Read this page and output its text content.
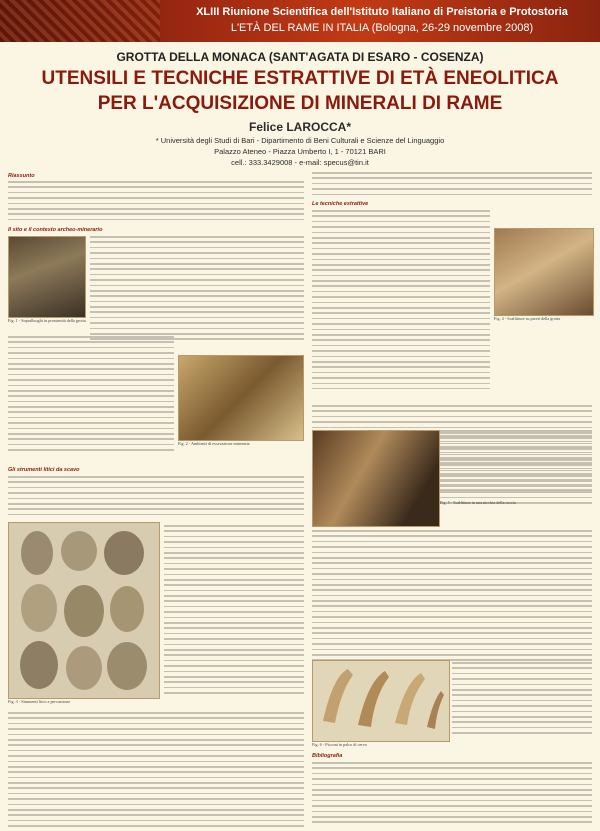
XLIII Riunione Scientifica dell'Istituto Italiano di Preistoria e Protostoria
L'ETÀ DEL RAME IN ITALIA (Bologna, 26-29 novembre 2008)
GROTTA DELLA MONACA (SANT'AGATA DI ESARO - COSENZA)
UTENSILI E TECNICHE ESTRATTIVE DI ETÀ ENEOLITICA
PER L'ACQUISIZIONE DI MINERALI DI RAME
Felice LAROCCA*
* Università degli Studi di Bari - Dipartimento di Beni Culturali e Scienze del Linguaggio
Palazzo Ateneo - Piazza Umberto I, 1 - 70121 BARI
cell.: 333.3429008 - e-mail: specus@tin.it
Riassunto
Il sito e il contesto archeo-minerario
Fig. 1 - Sopralluoghi in prossimità della grotta
Fig. 2 - Ambienti di escavazione mineraria
Gli strumenti litici da scavo
Fig. 3 - Strumenti litici a percussione
Le tecniche estrattive
Fig. 4 - Scalfitture su pareti della grotta
Fig. 5 - Scalfitture in una nicchia della roccia
Fig. 6 - Picconi in palco di cervo
Bibliografia
